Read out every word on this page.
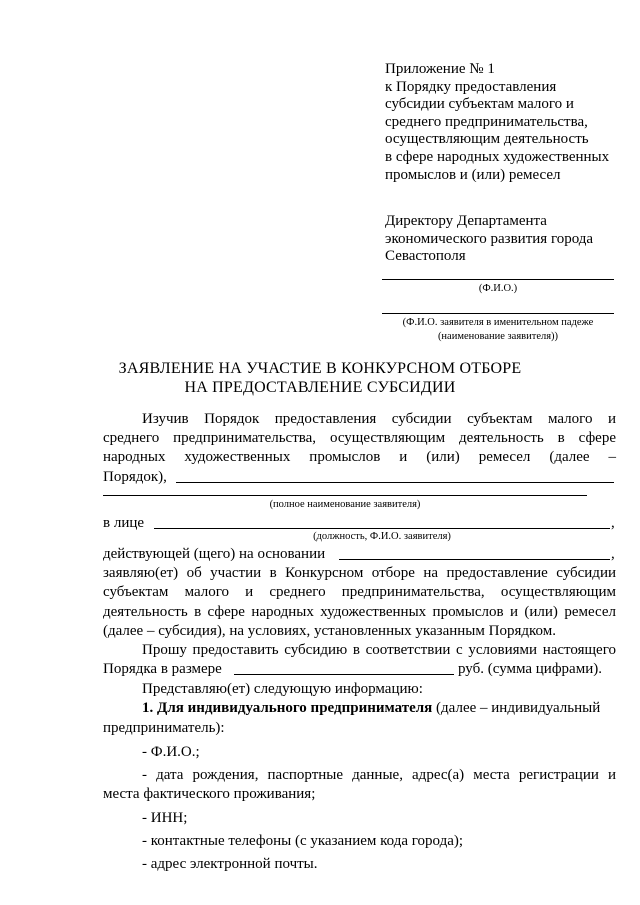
Приложение № 1
к Порядку предоставления
субсидии субъектам малого и
среднего предпринимательства,
осуществляющим деятельность
в сфере народных художественных
промыслов и (или) ремесел
Директору Департамента
экономического развития города
Севастополя
(Ф.И.О.)
(Ф.И.О. заявителя в именительном падеже
(наименование заявителя))
ЗАЯВЛЕНИЕ НА УЧАСТИЕ В КОНКУРСНОМ ОТБОРЕ
НА ПРЕДОСТАВЛЕНИЕ СУБСИДИИ

Изучив Порядок предоставления субсидии субъектам малого и

среднего предпринимательства, осуществляющим деятельность в сфере

народных художественных промыслов и (или) ремесел (далее –

Порядок),
(полное наименование заявителя)
в лице	,
(должность, Ф.И.О. заявителя)
действующей (щего) на основании	,

заявляю(ет) об участии в Конкурсном отборе на предоставление субсидии

субъектам малого и среднего предпринимательства, осуществляющим

деятельность в сфере народных художественных промыслов и (или) ремесел

(далее – субсидия), на условиях, установленных указанным Порядком.

Прошу предоставить субсидию в соответствии с условиями настоящего

Порядка в размере	руб. (сумма цифрами).
Представляю(ет) следующую информацию:
1. Для индивидуального предпринимателя (далее – индивидуальный
предприниматель):
- Ф.И.О.;

- дата рождения, паспортные данные, адрес(а) места регистрации и

места фактического проживания;
- ИНН;
- контактные телефоны (с указанием кода города);
- адрес электронной почты.
